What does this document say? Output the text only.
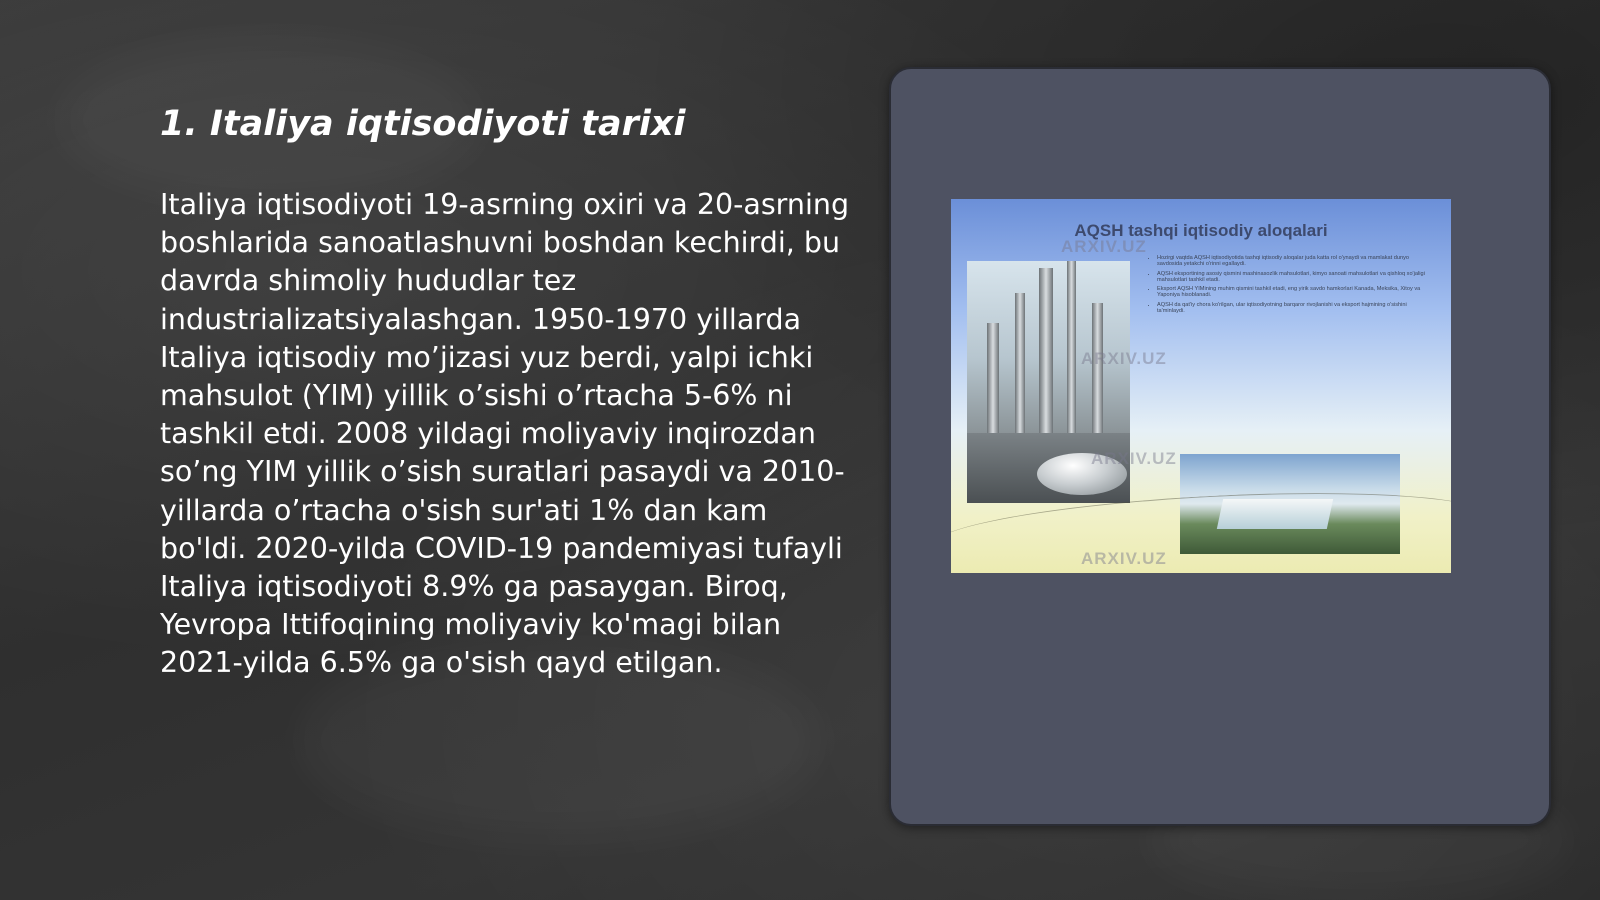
1. Italiya iqtisodiyoti tarixi

Italiya iqtisodiyoti 19-asrning oxiri va 20-asrning boshlarida sanoatlashuvni boshdan kechirdi, bu davrda shimoliy hududlar tez industrializatsiyalashgan. 1950-1970 yillarda Italiya iqtisodiy mo’jizasi yuz berdi, yalpi ichki mahsulot (YIM) yillik o’sishi o’rtacha 5-6% ni tashkil etdi. 2008 yildagi moliyaviy inqirozdan so’ng YIM yillik o’sish suratlari pasaydi va 2010-yillarda o’rtacha o'sish sur'ati 1% dan kam bo'ldi. 2020-yilda COVID-19 pandemiyasi tufayli Italiya iqtisodiyoti 8.9% ga pasaygan. Biroq, Yevropa Ittifoqining moliyaviy ko'magi bilan 2021-yilda 6.5% ga o'sish qayd etilgan.

AQSH tashqi iqtisodiy aloqalari
• Hozirgi vaqtda AQSH iqtisodiyotida tashqi iqtisodiy aloqalar juda katta rol o'ynaydi va mamlakat dunyo savdosida yetakchi o'rinni egallaydi.
• AQSH eksportining asosiy qismini mashinasozlik mahsulotlari, kimyo sanoati mahsulotlari va qishloq xo'jaligi mahsulotlari tashkil etadi.
• Eksport AQSH YIMining muhim qismini tashkil etadi, eng yirik savdo hamkorlari Kanada, Meksika, Xitoy va Yaponiya hisoblanadi.
• AQSH da qat'iy chora ko'rilgan, ular iqtisodiyotning barqaror rivojlanishi va eksport hajmining o'sishini ta'minlaydi.
ARXIV.UZ
ARXIV.UZ
ARXIV.UZ
ARXIV.UZ
